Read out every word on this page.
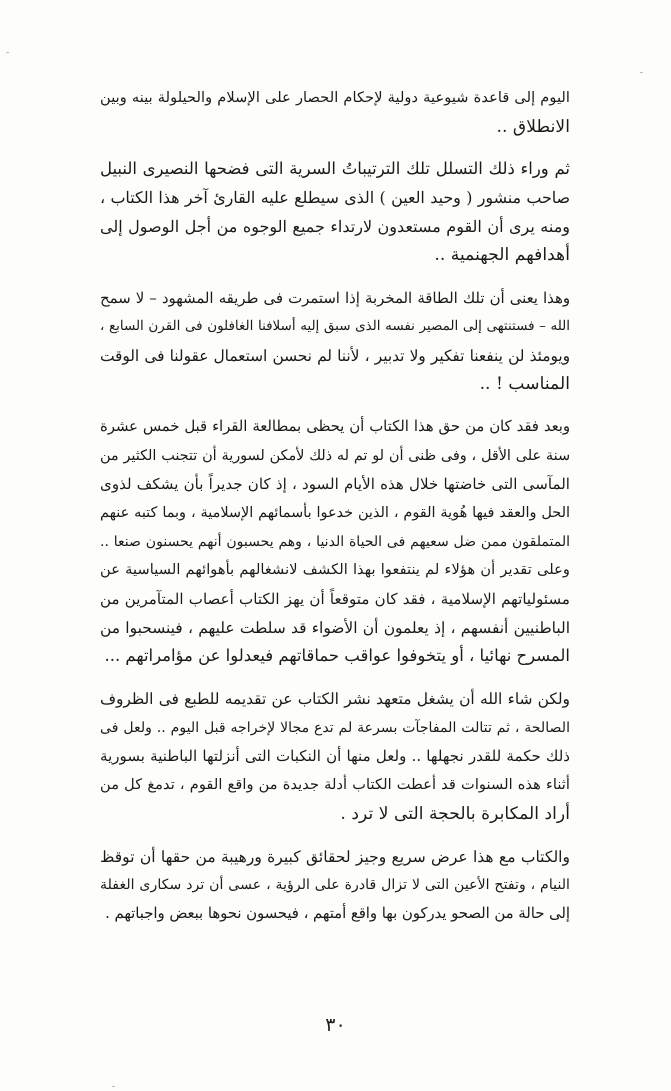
اليوم إلى قاعدة شيوعية دولية لإحكام الحصار على الإسلام والحيلولة بينه وبين
الانطلاق ..
ثم وراء ذلك التسلل تلك الترتيباتُ السرية التى فضحها النصيرى النبيل
صاحب منشور ( وحيد العين ) الذى سيطلع عليه القارئ آخر هذا الكتاب ،
ومنه يرى أن القوم مستعدون لارتداء جميع الوجوه من أجل الوصول إلى
أهدافهم الجهنمية ..
وهذا يعنى أن تلك الطاقة المخربة إذا استمرت فى طريقه المشهود – لا سمح
الله – فستنتهى إلى المصير نفسه الذى سبق إليه أسلافنا الغافلون فى القرن السابع ،
ويومئذ لن ينفعنا تفكير ولا تدبير ، لأننا لم نحسن استعمال عقولنا فى الوقت
المناسب ! ..
وبعد فقد كان من حق هذا الكتاب أن يحظى بمطالعة القراء قبل خمس عشرة
سنة على الأقل ، وفى ظنى أن لو تم له ذلك لأمكن لسورية أن تتجنب الكثير من
المآسى التى خاضتها خلال هذه الأيام السود ، إذ كان جديراً بأن يشكف لذوى
الحل والعقد فيها هُوية القوم ، الذين خدعوا بأسمائهم الإسلامية ، وبما كتبه عنهم
المتملقون ممن ضل سعيهم فى الحياة الدنيا ، وهم يحسبون أنهم يحسنون صنعا ..
وعلى تقدير أن هؤلاء لم ينتفعوا بهذا الكشف لانشغالهم بأهوائهم السياسية عن
مسئولياتهم الإسلامية ، فقد كان متوقعاً أن يهز الكتاب أعصاب المتآمرين من
الباطنيين أنفسهم ، إذ يعلمون أن الأضواء قد سلطت عليهم ، فينسحبوا من
المسرح نهائيا ، أو يتخوفوا عواقب حماقاتهم فيعدلوا عن مؤامراتهم ...
ولكن شاء الله أن يشغل متعهد نشر الكتاب عن تقديمه للطبع فى الظروف
الصالحة ، ثم تتالت المفاجآت بسرعة لم تدع مجالا لإخراجه قبل اليوم .. ولعل فى
ذلك حكمة للقدر نجهلها .. ولعل منها أن النكبات التى أنزلتها الباطنية بسورية
أثناء هذه السنوات قد أعطت الكتاب أدلة جديدة من واقع القوم ، تدمغ كل من
أراد المكابرة بالحجة التى لا ترد .
والكتاب مع هذا عرض سريع وجيز لحقائق كبيرة ورهيبة من حقها أن توقظ
النيام ، وتفتح الأعين التى لا تزال قادرة على الرؤية ، عسى أن ترد سكارى الغفلة
إلى حالة من الصحو يدركون بها واقع أمتهم ، فيحسون نحوها ببعض واجباتهم .
٣٠
